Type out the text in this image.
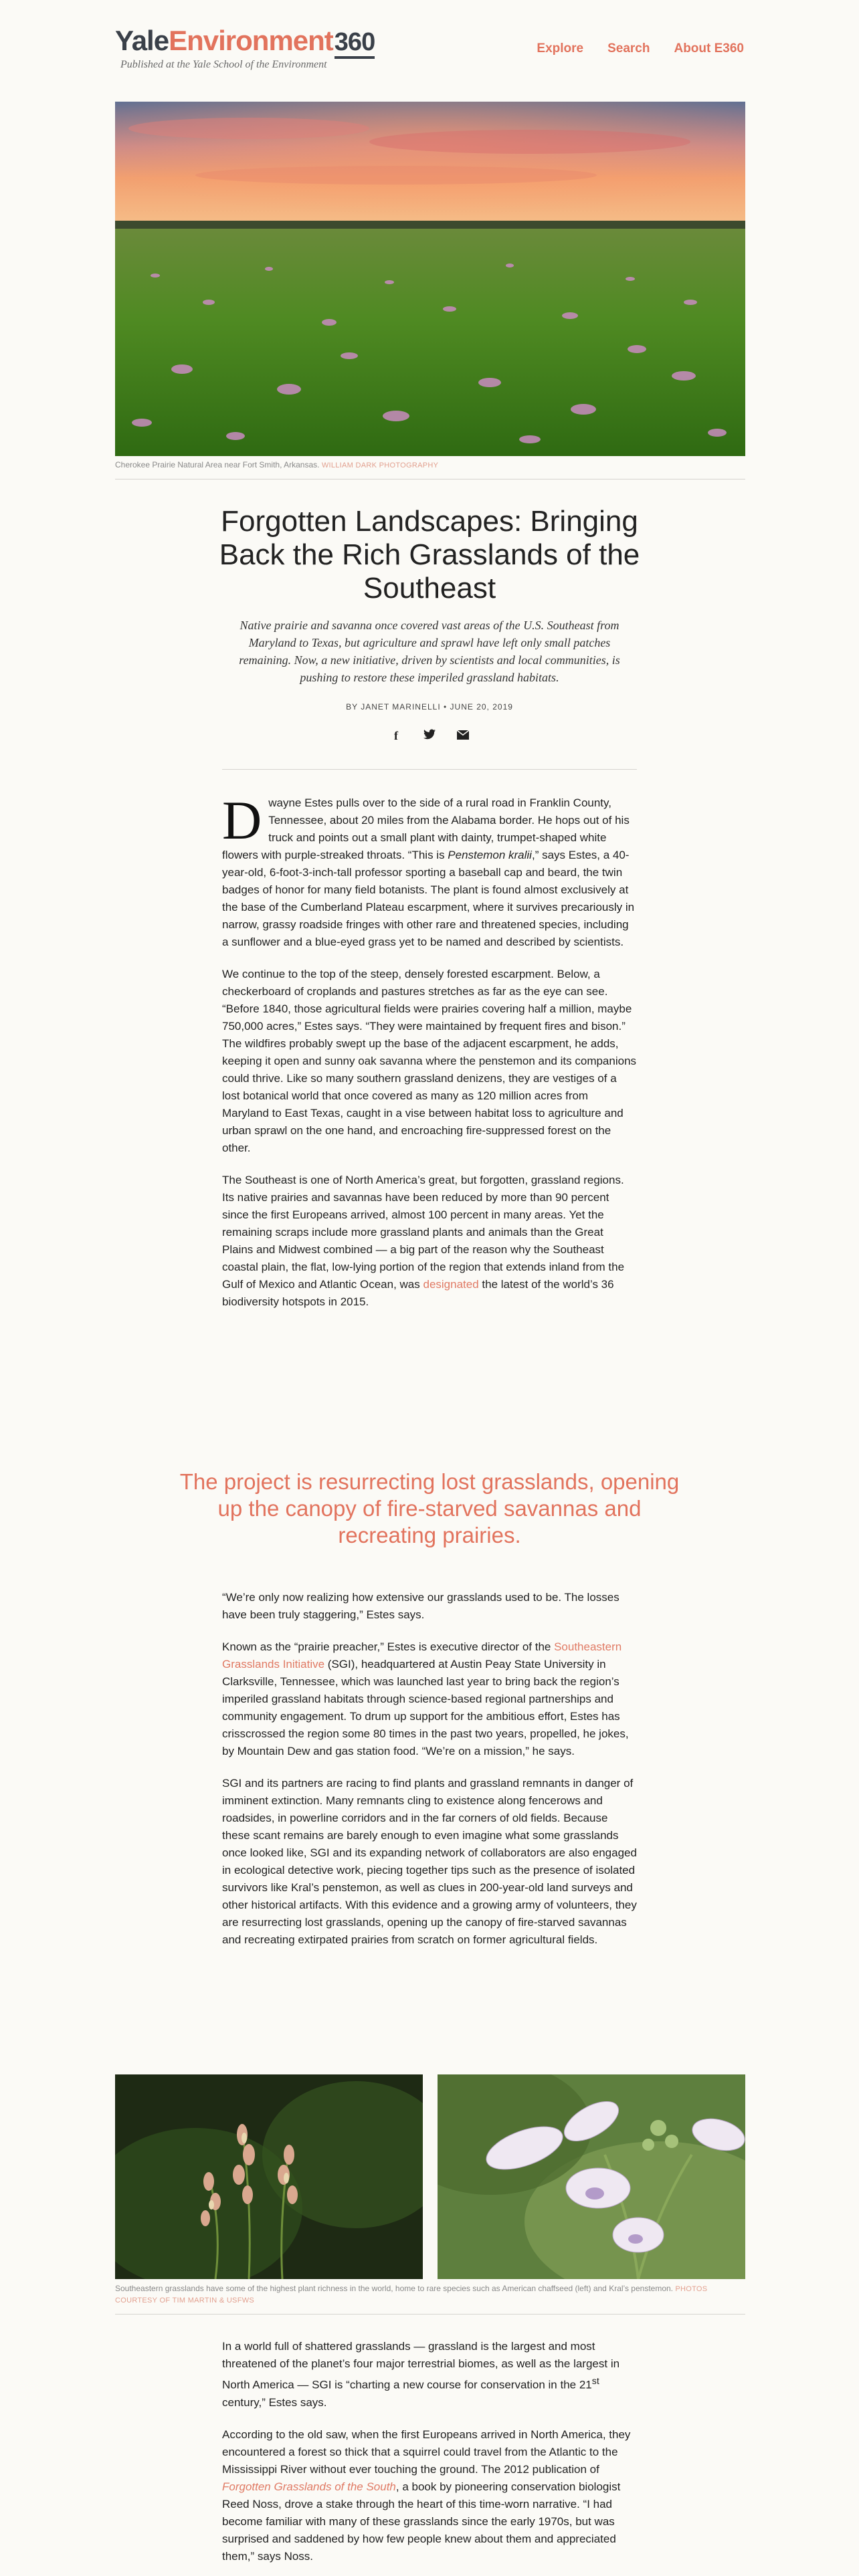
YaleEnvironment360
Published at the Yale School of the Environment
Explore Search About E360
Cherokee Prairie Natural Area near Fort Smith, Arkansas. WILLIAM DARK PHOTOGRAPHY
Forgotten Landscapes: Bringing Back the Rich Grasslands of the Southeast
Native prairie and savanna once covered vast areas of the U.S. Southeast from Maryland to Texas, but agriculture and sprawl have left only small patches remaining. Now, a new initiative, driven by scientists and local communities, is pushing to restore these imperiled grassland habitats.
BY JANET MARINELLI • JUNE 20, 2019
f

Dwayne Estes pulls over to the side of a rural road in Franklin County, Tennessee, about 20 miles from the Alabama border. He hops out of his truck and points out a small plant with dainty, trumpet-shaped white flowers with purple-streaked throats. “This is Penstemon kralii,” says Estes, a 40-year-old, 6-foot-3-inch-tall professor sporting a baseball cap and beard, the twin badges of honor for many field botanists. The plant is found almost exclusively at the base of the Cumberland Plateau escarpment, where it survives precariously in narrow, grassy roadside fringes with other rare and threatened species, including a sunflower and a blue-eyed grass yet to be named and described by scientists.

We continue to the top of the steep, densely forested escarpment. Below, a checkerboard of croplands and pastures stretches as far as the eye can see. “Before 1840, those agricultural fields were prairies covering half a million, maybe 750,000 acres,” Estes says. “They were maintained by frequent fires and bison.” The wildfires probably swept up the base of the adjacent escarpment, he adds, keeping it open and sunny oak savanna where the penstemon and its companions could thrive. Like so many southern grassland denizens, they are vestiges of a lost botanical world that once covered as many as 120 million acres from Maryland to East Texas, caught in a vise between habitat loss to agriculture and urban sprawl on the one hand, and encroaching fire-suppressed forest on the other.

The Southeast is one of North America’s great, but forgotten, grassland regions. Its native prairies and savannas have been reduced by more than 90 percent since the first Europeans arrived, almost 100 percent in many areas. Yet the remaining scraps include more grassland plants and animals than the Great Plains and Midwest combined — a big part of the reason why the Southeast coastal plain, the flat, low-lying portion of the region that extends inland from the Gulf of Mexico and Atlantic Ocean, was designated the latest of the world’s 36 biodiversity hotspots in 2015.

The project is resurrecting lost grasslands, opening up the canopy of fire-starved savannas and recreating prairies.

“We’re only now realizing how extensive our grasslands used to be. The losses have been truly staggering,” Estes says.

Known as the “prairie preacher,” Estes is executive director of the Southeastern Grasslands Initiative (SGI), headquartered at Austin Peay State University in Clarksville, Tennessee, which was launched last year to bring back the region’s imperiled grassland habitats through science-based regional partnerships and community engagement. To drum up support for the ambitious effort, Estes has crisscrossed the region some 80 times in the past two years, propelled, he jokes, by Mountain Dew and gas station food. “We’re on a mission,” he says.

SGI and its partners are racing to find plants and grassland remnants in danger of imminent extinction. Many remnants cling to existence along fencerows and roadsides, in powerline corridors and in the far corners of old fields. Because these scant remains are barely enough to even imagine what some grasslands once looked like, SGI and its expanding network of collaborators are also engaged in ecological detective work, piecing together tips such as the presence of isolated survivors like Kral’s penstemon, as well as clues in 200-year-old land surveys and other historical artifacts. With this evidence and a growing army of volunteers, they are resurrecting lost grasslands, opening up the canopy of fire-starved savannas and recreating extirpated prairies from scratch on former agricultural fields.

Southeastern grasslands have some of the highest plant richness in the world, home to rare species such as American chaffseed (left) and Kral’s penstemon. PHOTOS COURTESY OF TIM MARTIN & USFWS

In a world full of shattered grasslands — grassland is the largest and most threatened of the planet’s four major terrestrial biomes, as well as the largest in North America — SGI is “charting a new course for conservation in the 21st century,” Estes says.

According to the old saw, when the first Europeans arrived in North America, they encountered a forest so thick that a squirrel could travel from the Atlantic to the Mississippi River without ever touching the ground. The 2012 publication of Forgotten Grasslands of the South, a book by pioneering conservation biologist Reed Noss, drove a stake through the heart of this time-worn narrative. “I had become familiar with many of these grasslands since the early 1970s, but was surprised and saddened by how few people knew about them and appreciated them,” says Noss.
